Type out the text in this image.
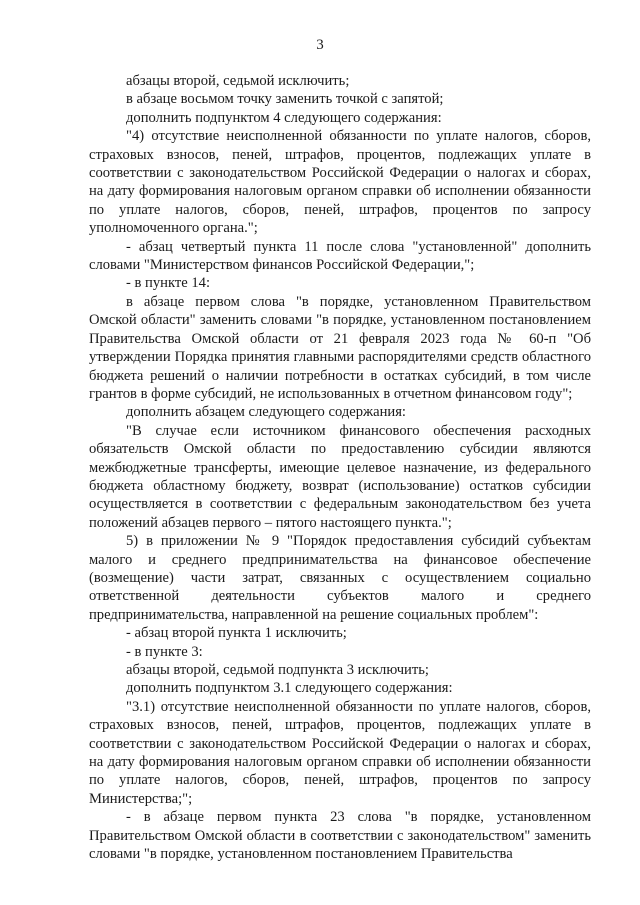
3

абзацы второй, седьмой исключить;

в абзаце восьмом точку заменить точкой с запятой;

дополнить подпунктом 4 следующего содержания:

"4) отсутствие неисполненной обязанности по уплате налогов, сборов, страховых взносов, пеней, штрафов, процентов, подлежащих уплате в соответствии с законодательством Российской Федерации о налогах и сборах, на дату формирования налоговым органом справки об исполнении обязанности по уплате налогов, сборов, пеней, штрафов, процентов по запросу уполномоченного органа.";

- абзац четвертый пункта 11 после слова "установленной" дополнить словами "Министерством финансов Российской Федерации,";

- в пункте 14:

в абзаце первом слова "в порядке, установленном Правительством Омской области" заменить словами "в порядке, установленном постановлением Правительства Омской области от 21 февраля 2023 года № 60-п "Об утверждении Порядка принятия главными распорядителями средств областного бюджета решений о наличии потребности в остатках субсидий, в том числе грантов в форме субсидий, не использованных в отчетном финансовом году";

дополнить абзацем следующего содержания:

"В случае если источником финансового обеспечения расходных обязательств Омской области по предоставлению субсидии являются межбюджетные трансферты, имеющие целевое назначение, из федерального бюджета областному бюджету, возврат (использование) остатков субсидии осуществляется в соответствии с федеральным законодательством без учета положений абзацев первого – пятого настоящего пункта.";

5) в приложении № 9 "Порядок предоставления субсидий субъектам малого и среднего предпринимательства на финансовое обеспечение (возмещение) части затрат, связанных с осуществлением социально ответственной деятельности субъектов малого и среднего предпринимательства, направленной на решение социальных проблем":

- абзац второй пункта 1 исключить;

- в пункте 3:

абзацы второй, седьмой подпункта 3 исключить;

дополнить подпунктом 3.1 следующего содержания:

"3.1) отсутствие неисполненной обязанности по уплате налогов, сборов, страховых взносов, пеней, штрафов, процентов, подлежащих уплате в соответствии с законодательством Российской Федерации о налогах и сборах, на дату формирования налоговым органом справки об исполнении обязанности по уплате налогов, сборов, пеней, штрафов, процентов по запросу Министерства;";

- в абзаце первом пункта 23 слова "в порядке, установленном Правительством Омской области в соответствии с законодательством" заменить словами "в порядке, установленном постановлением Правительства
